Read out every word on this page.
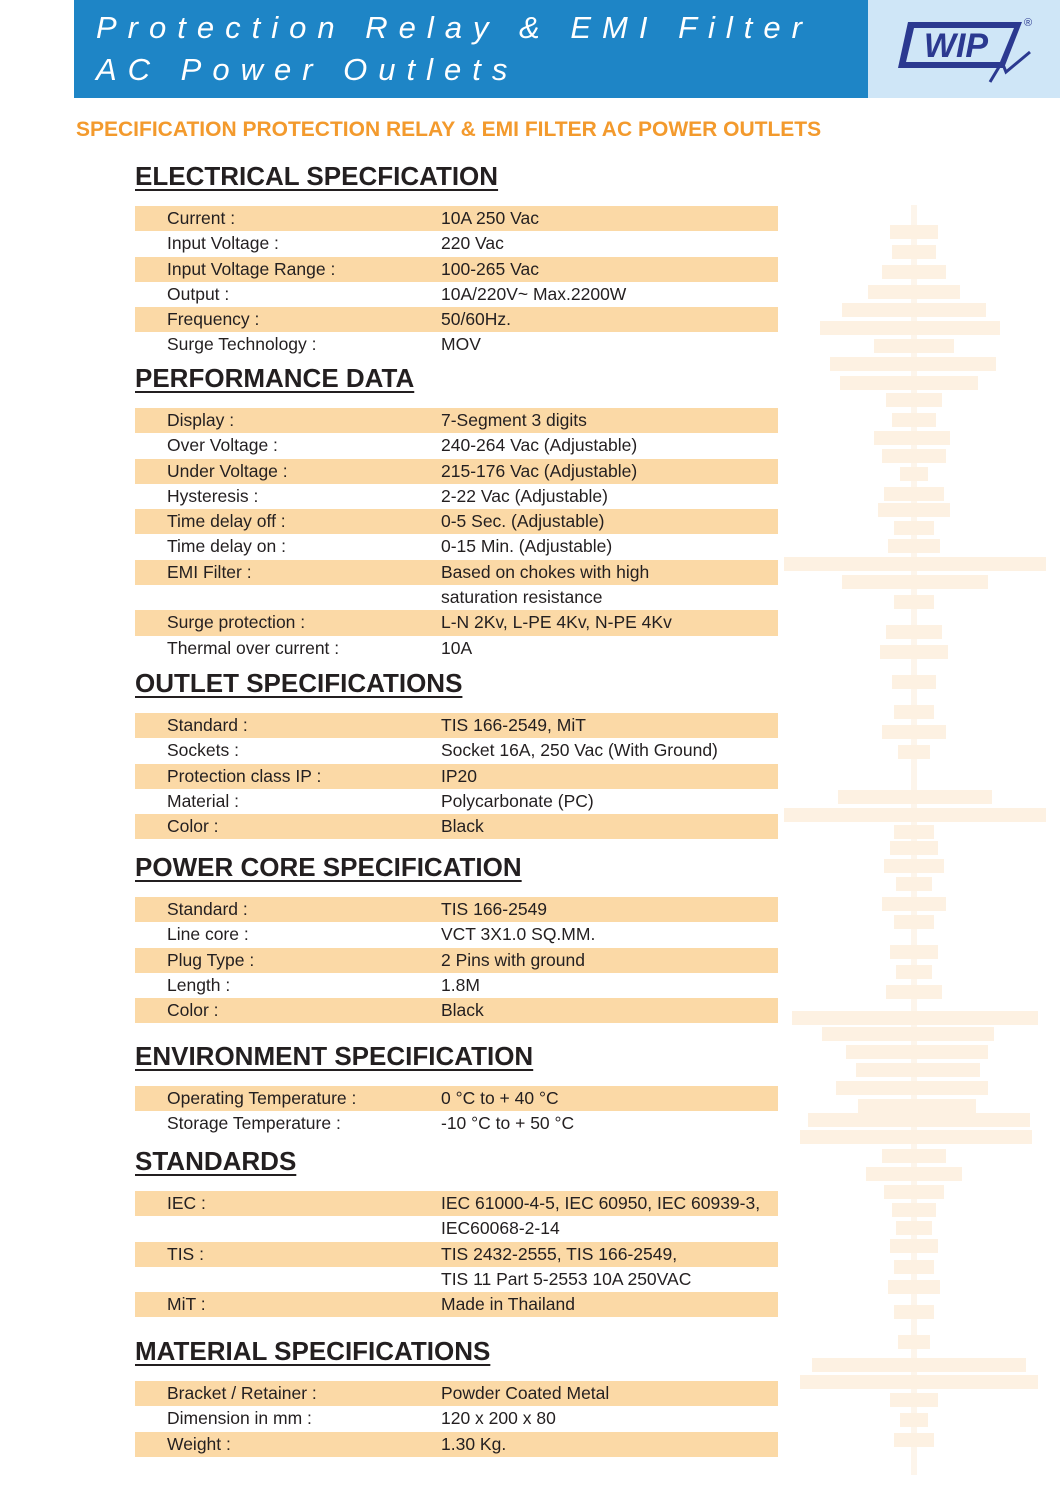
Protection Relay & EMI Filter
AC Power Outlets
WIP
®
SPECIFICATION PROTECTION RELAY & EMI FILTER AC POWER OUTLETS
ELECTRICAL SPECFICATION
Current :	10A 250 Vac
Input Voltage :	220 Vac
Input Voltage Range :	100-265 Vac
Output :	10A/220V~ Max.2200W
Frequency :	50/60Hz.
Surge Technology :	MOV
PERFORMANCE DATA
Display :	7-Segment 3 digits
Over Voltage :	240-264 Vac (Adjustable)
Under Voltage :	215-176 Vac (Adjustable)
Hysteresis :	2-22 Vac (Adjustable)
Time delay off :	0-5 Sec. (Adjustable)
Time delay on :	0-15 Min. (Adjustable)
EMI Filter :	Based on chokes with high
saturation resistance
Surge protection :	L-N 2Kv, L-PE 4Kv, N-PE 4Kv
Thermal over current :	10A
OUTLET SPECIFICATIONS
Standard :	TIS 166-2549, MiT
Sockets :	Socket 16A, 250 Vac (With Ground)
Protection class IP :	IP20
Material :	Polycarbonate (PC)
Color :	Black
POWER CORE SPECIFICATION
Standard :	TIS 166-2549
Line core :	VCT 3X1.0 SQ.MM.
Plug Type :	2 Pins with ground
Length :	1.8M
Color :	Black
ENVIRONMENT SPECIFICATION
Operating Temperature :	0 °C to + 40 °C
Storage Temperature :	-10 °C to + 50 °C
STANDARDS
IEC :	IEC 61000-4-5, IEC 60950, IEC 60939-3,
IEC60068-2-14
TIS :	TIS 2432-2555, TIS 166-2549,
TIS 11 Part 5-2553 10A 250VAC
MiT :	Made in Thailand
MATERIAL SPECIFICATIONS
Bracket / Retainer :	Powder Coated Metal
Dimension in mm :	120 x 200 x 80
Weight :	1.30 Kg.
